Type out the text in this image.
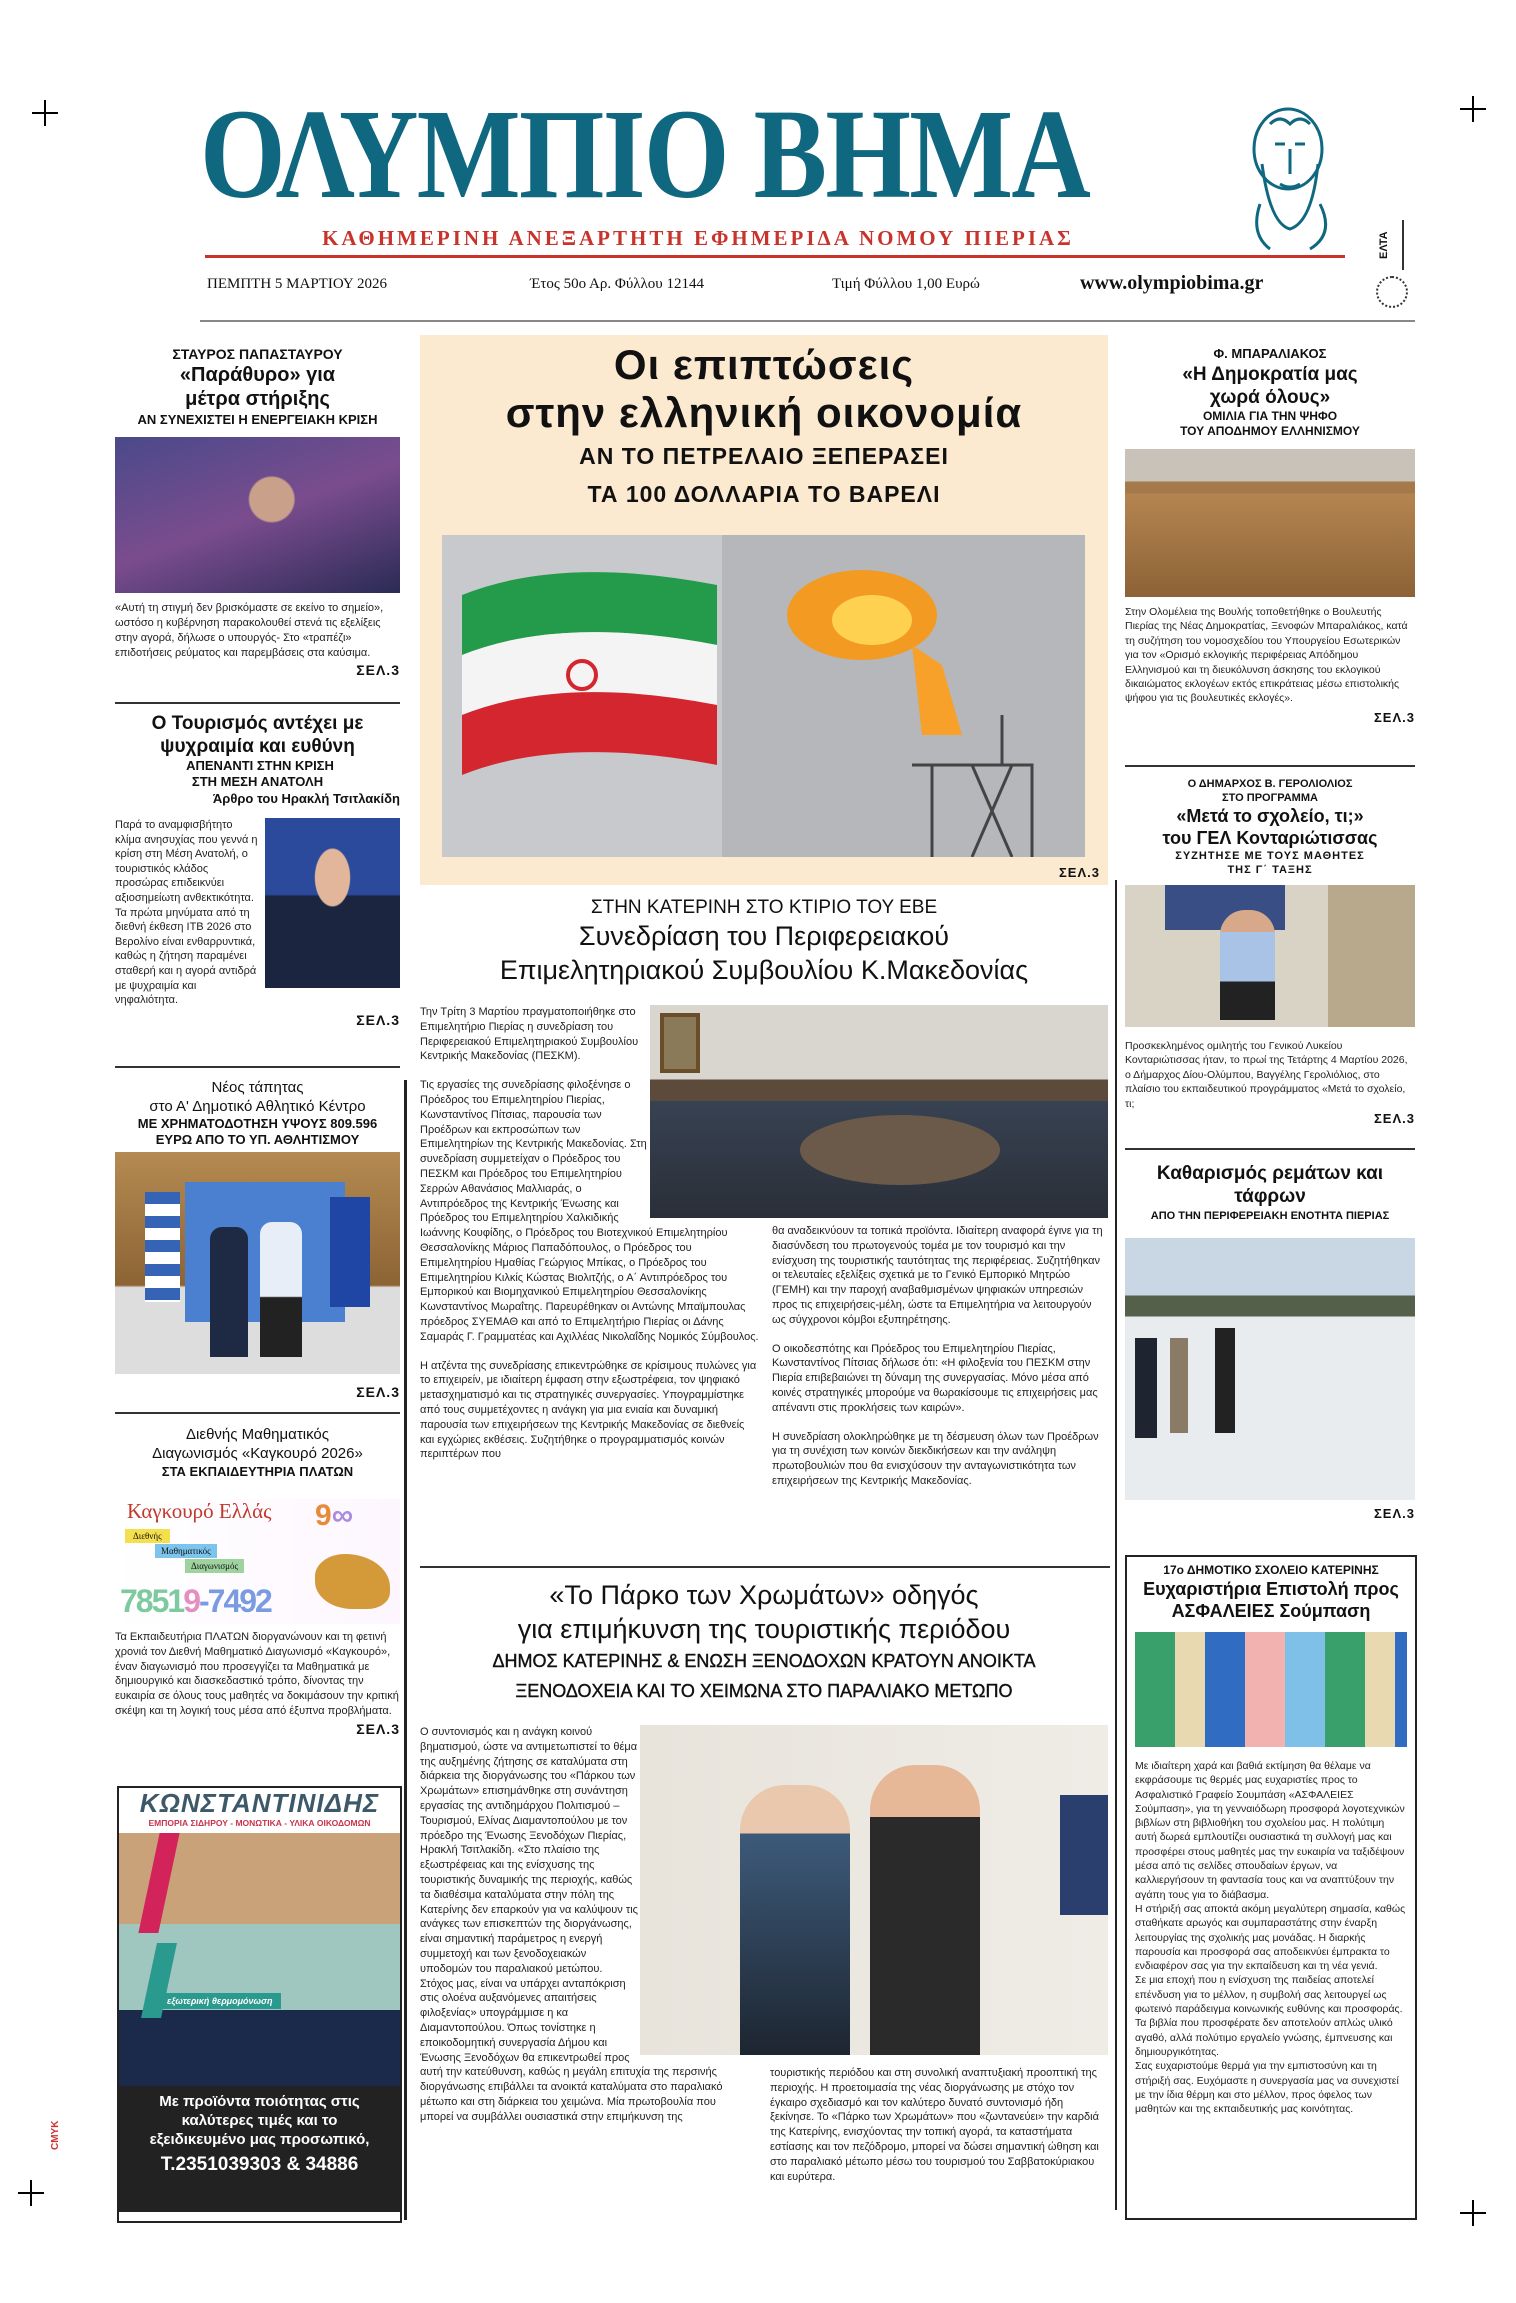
CMYK
ΟΛΥΜΠΙΟ ΒΗΜΑ
ΚΑΘΗΜΕΡΙΝΗ ΑΝΕΞΑΡΤΗΤΗ ΕΦΗΜΕΡΙΔΑ ΝΟΜΟΥ ΠΙΕΡΙΑΣ	ΕΛΤΑ
ΠΕΜΠΤΗ 5 ΜΑΡΤΙΟΥ 2026	Έτος 50ο Αρ. Φύλλου 12144	Τιμή Φύλλου 1,00 Ευρώ	www.olympiobima.gr
ΣΤΑΥΡΟΣ ΠΑΠΑΣΤΑΥΡΟΥ
«Παράθυρο» για μέτρα στήριξης
ΑΝ ΣΥΝΕΧΙΣΤΕΙ Η ΕΝΕΡΓΕΙΑΚΗ ΚΡΙΣΗ
«Αυτή τη στιγμή δεν βρισκόμαστε σε εκείνο το σημείο», ωστόσο η κυβέρνηση παρακολουθεί στενά τις εξελίξεις στην αγορά, δήλωσε ο υπουργός- Στο «τραπέζι» επιδοτήσεις ρεύματος και παρεμβάσεις στα καύσιμα.
ΣΕΛ.3
Ο Τουρισμός αντέχει με ψυχραιμία και ευθύνη
ΑΠΕΝΑΝΤΙ ΣΤΗΝ ΚΡΙΣΗ
ΣΤΗ ΜΕΣΗ ΑΝΑΤΟΛΗ
Άρθρο του Ηρακλή Τσιτλακίδη
Παρά το αναμφισβήτητο κλίμα ανησυχίας που γεννά η κρίση στη Μέση Ανατολή, ο τουριστικός κλάδος προσώρας επιδεικνύει αξιοσημείωτη ανθεκτικότητα. Τα πρώτα μηνύματα από τη διεθνή έκθεση ITB 2026 στο Βερολίνο είναι ενθαρρυντικά, καθώς η ζήτηση παραμένει σταθερή και η αγορά αντιδρά με ψυχραιμία και νηφαλιότητα.
ΣΕΛ.3
Νέος τάπητας
στο Α' Δημοτικό Αθλητικό Κέντρο
ΜΕ ΧΡΗΜΑΤΟΔΟΤΗΣΗ ΥΨΟΥΣ 809.596
ΕΥΡΩ ΑΠΟ ΤΟ ΥΠ. ΑΘΛΗΤΙΣΜΟΥ
ΣΕΛ.3
Διεθνής Μαθηματικός
Διαγωνισμός «Καγκουρό 2026»
ΣΤΑ ΕΚΠΑΙΔΕΥΤΗΡΙΑ ΠΛΑΤΩΝ
Καγκουρό Ελλάς
Διεθνής
Μαθηματικός
Διαγωνισμός
78519-7492
9∞
Τα Εκπαιδευτήρια ΠΛΑΤΩΝ διοργανώνουν και τη φετινή χρονιά τον Διεθνή Μαθηματικό Διαγωνισμό «Καγκουρό», έναν διαγωνισμό που προσεγγίζει τα Μαθηματικά με δημιουργικό και διασκεδαστικό τρόπο, δίνοντας την ευκαιρία σε όλους τους μαθητές να δοκιμάσουν την κριτική σκέψη και τη λογική τους μέσα από έξυπνα προβλήματα.
ΣΕΛ.3
ΚΩΝΣΤΑΝΤΙΝΙΔΗΣ
ΕΜΠΟΡΙΑ ΣΙΔΗΡΟΥ - ΜΟΝΩΤΙΚΑ - ΥΛΙΚΑ ΟΙΚΟΔΟΜΩΝ
εξωτερική θερμομόνωση
Με προϊόντα ποιότητας στις καλύτερες τιμές και το εξειδικευμένο μας προσωπικό,
Τ.2351039303 & 34886
Οι επιπτώσεις
στην ελληνική οικονομία
ΑΝ ΤΟ ΠΕΤΡΕΛΑΙΟ ΞΕΠΕΡΑΣΕΙ
ΤΑ 100 ΔΟΛΛΑΡΙΑ ΤΟ ΒΑΡΕΛΙ
ΣΕΛ.3
ΣΤΗΝ ΚΑΤΕΡΙΝΗ ΣΤΟ ΚΤΙΡΙΟ ΤΟΥ ΕΒΕ
Συνεδρίαση του Περιφερειακού
Επιμελητηριακού Συμβουλίου Κ.Μακεδονίας

Την Τρίτη 3 Μαρτίου πραγματοποιήθηκε στο Επιμελητήριο Πιερίας η συνεδρίαση του Περιφερειακού Επιμελητηριακού Συμβουλίου Κεντρικής Μακεδονίας (ΠΕΣΚΜ).

Τις εργασίες της συνεδρίασης φιλοξένησε ο Πρόεδρος του Επιμελητηρίου Πιερίας, Κωνσταντίνος Πίτσιας, παρουσία των Προέδρων και εκπροσώπων των Επιμελητηρίων της Κεντρικής Μακεδονίας. Στη συνεδρίαση συμμετείχαν ο Πρόεδρος του ΠΕΣΚΜ και Πρόεδρος του Επιμελητηρίου Σερρών Αθανάσιος Μαλλιαράς, ο Αντιπρόεδρος της Κεντρικής Ένωσης και Πρόεδρος του Επιμελητηρίου Χαλκιδικής Ιωάννης Κουφίδης, ο Πρόεδρος του Βιοτεχνικού Επιμελητηρίου Θεσσαλονίκης Μάριος Παπαδόπουλος, ο Πρόεδρος του Επιμελητηρίου Ημαθίας Γεώργιος Μπίκας, ο Πρόεδρος του Επιμελητηρίου Κιλκίς Κώστας Βιολιτζής, ο Α΄ Αντιπρόεδρος του Εμπορικού και Βιομηχανικού Επιμελητηρίου Θεσσαλονίκης Κωνσταντίνος Μωραΐτης. Παρευρέθηκαν οι Αντώνης Μπαϊμπουλας πρόεδρος ΣΥΕΜΑΘ και από το Επιμελητήριο Πιερίας οι Δάνης Σαμαράς Γ. Γραμματέας και Αχιλλέας Νικολαΐδης Νομικός Σύμβουλος.

Η ατζέντα της συνεδρίασης επικεντρώθηκε σε κρίσιμους πυλώνες για το επιχειρείν, με ιδιαίτερη έμφαση στην εξωστρέφεια, τον ψηφιακό μετασχηματισμό και τις στρατηγικές συνεργασίες. Υπογραμμίστηκε από τους συμμετέχοντες η ανάγκη για μια ενιαία και δυναμική παρουσία των επιχειρήσεων της Κεντρικής Μακεδονίας σε διεθνείς και εγχώριες εκθέσεις. Συζητήθηκε ο προγραμματισμός κοινών περιπτέρων που

θα αναδεικνύουν τα τοπικά προϊόντα. Ιδιαίτερη αναφορά έγινε για τη διασύνδεση του πρωτογενούς τομέα με τον τουρισμό και την ενίσχυση της τουριστικής ταυτότητας της περιφέρειας. Συζητήθηκαν οι τελευταίες εξελίξεις σχετικά με το Γενικό Εμπορικό Μητρώο (ΓΕΜΗ) και την παροχή αναβαθμισμένων ψηφιακών υπηρεσιών προς τις επιχειρήσεις-μέλη, ώστε τα Επιμελητήρια να λειτουργούν ως σύγχρονοι κόμβοι εξυπηρέτησης.

Ο οικοδεσπότης και Πρόεδρος του Επιμελητηρίου Πιερίας, Κωνσταντίνος Πίτσιας δήλωσε ότι: «Η φιλοξενία του ΠΕΣΚΜ στην Πιερία επιβεβαιώνει τη δύναμη της συνεργασίας. Μόνο μέσα από κοινές στρατηγικές μπορούμε να θωρακίσουμε τις επιχειρήσεις μας απέναντι στις προκλήσεις των καιρών».

Η συνεδρίαση ολοκληρώθηκε με τη δέσμευση όλων των Προέδρων για τη συνέχιση των κοινών διεκδικήσεων και την ανάληψη πρωτοβουλιών που θα ενισχύσουν την ανταγωνιστικότητα των επιχειρήσεων της Κεντρικής Μακεδονίας.

«Το Πάρκο των Χρωμάτων» οδηγός
για επιμήκυνση της τουριστικής περιόδου
ΔΗΜΟΣ ΚΑΤΕΡΙΝΗΣ & ΕΝΩΣΗ ΞΕΝΟΔΟΧΩΝ ΚΡΑΤΟΥΝ ΑΝΟΙΚΤΑ
ΞΕΝΟΔΟΧΕΙΑ ΚΑΙ ΤΟ ΧΕΙΜΩΝΑ ΣΤΟ ΠΑΡΑΛΙΑΚΟ ΜΕΤΩΠΟ

Ο συντονισμός και η ανάγκη κοινού βηματισμού, ώστε να αντιμετωπιστεί το θέμα της αυξημένης ζήτησης σε καταλύματα στη διάρκεια της διοργάνωσης του «Πάρκου των Χρωμάτων» επισημάνθηκε στη συνάντηση εργασίας της αντιδημάρχου Πολιτισμού – Τουρισμού, Ελίνας Διαμαντοπούλου με τον πρόεδρο της Ένωσης Ξενοδόχων Πιερίας, Ηρακλή Τσιτλακίδη. «Στο πλαίσιο της εξωστρέφειας και της ενίσχυσης της τουριστικής δυναμικής της περιοχής, καθώς τα διαθέσιμα καταλύματα στην πόλη της Κατερίνης δεν επαρκούν για να καλύψουν τις ανάγκες των επισκεπτών της διοργάνωσης, είναι σημαντική παράμετρος η ενεργή συμμετοχή και των ξενοδοχειακών υποδομών του παραλιακού μετώπου. Στόχος μας, είναι να υπάρχει ανταπόκριση στις ολοένα αυξανόμενες απαιτήσεις φιλοξενίας» υπογράμμισε η κα Διαμαντοπούλου. Όπως τονίστηκε η εποικοδομητική συνεργασία Δήμου και Ένωσης Ξενοδόχων θα επικεντρωθεί προς αυτή την κατεύθυνση, καθώς η μεγάλη επιτυχία της περσινής διοργάνωσης επιβάλλει τα ανοικτά καταλύματα στο παραλιακό μέτωπο και στη διάρκεια του χειμώνα. Μία πρωτοβουλία που μπορεί να συμβάλλει ουσιαστικά στην επιμήκυνση της

τουριστικής περιόδου και στη συνολική αναπτυξιακή προοπτική της περιοχής. Η προετοιμασία της νέας διοργάνωσης με στόχο τον έγκαιρο σχεδιασμό και τον καλύτερο δυνατό συντονισμό ήδη ξεκίνησε. Το «Πάρκο των Χρωμάτων» που «ζωντανεύει» την καρδιά της Κατερίνης, ενισχύοντας την τοπική αγορά, τα καταστήματα εστίασης και τον πεζόδρομο, μπορεί να δώσει σημαντική ώθηση και στο παραλιακό μέτωπο μέσω του τουρισμού του Σαββατοκύριακου και ευρύτερα.

Φ. ΜΠΑΡΑΛΙΑΚΟΣ
«Η Δημοκρατία μας χωρά όλους»
ΟΜΙΛΙΑ ΓΙΑ ΤΗΝ ΨΗΦΟ
ΤΟΥ ΑΠΟΔΗΜΟΥ ΕΛΛΗΝΙΣΜΟΥ
Στην Ολομέλεια της Βουλής τοποθετήθηκε ο Βουλευτής Πιερίας της Νέας Δημοκρατίας, Ξενοφών Μπαραλιάκος, κατά τη συζήτηση του νομοσχεδίου του Υπουργείου Εσωτερικών για τον «Ορισμό εκλογικής περιφέρειας Απόδημου Ελληνισμού και τη διευκόλυνση άσκησης του εκλογικού δικαιώματος εκλογέων εκτός επικράτειας μέσω επιστολικής ψήφου για τις βουλευτικές εκλογές».
ΣΕΛ.3
Ο ΔΗΜΑΡΧΟΣ Β. ΓΕΡΟΛΙΟΛΙΟΣ
ΣΤΟ ΠΡΟΓΡΑΜΜΑ
«Μετά το σχολείο, τι;»
του ΓΕΛ Κονταριώτισσας
ΣΥΖΗΤΗΣΕ ΜΕ ΤΟΥΣ ΜΑΘΗΤΕΣ
ΤΗΣ Γ΄ ΤΑΞΗΣ
Προσκεκλημένος ομιλητής του Γενικού Λυκείου Κονταριώτισσας ήταν, το πρωί της Τετάρτης 4 Μαρτίου 2026, ο Δήμαρχος Δίου-Ολύμπου, Βαγγέλης Γερολιόλιος, στο πλαίσιο του εκπαιδευτικού προγράμματος «Μετά το σχολείο, τι;
ΣΕΛ.3
Καθαρισμός ρεμάτων και τάφρων
ΑΠΟ ΤΗΝ ΠΕΡΙΦΕΡΕΙΑΚΗ ΕΝΟΤΗΤΑ ΠΙΕΡΙΑΣ
ΣΕΛ.3
17ο ΔΗΜΟΤΙΚΟ ΣΧΟΛΕΙΟ ΚΑΤΕΡΙΝΗΣ
Ευχαριστήρια Επιστολή προς ΑΣΦΑΛΕΙΕΣ Σούμπαση

Με ιδιαίτερη χαρά και βαθιά εκτίμηση θα θέλαμε να εκφράσουμε τις θερμές μας ευχαριστίες προς το Ασφαλιστικό Γραφείο Σουμπάση «ΑΣΦΑΛΕΙΕΣ Σούμπαση», για τη γενναιόδωρη προσφορά λογοτεχνικών βιβλίων στη βιβλιοθήκη του σχολείου μας. Η πολύτιμη αυτή δωρεά εμπλουτίζει ουσιαστικά τη συλλογή μας και προσφέρει στους μαθητές μας την ευκαιρία να ταξιδέψουν μέσα από τις σελίδες σπουδαίων έργων, να καλλιεργήσουν τη φαντασία τους και να αναπτύξουν την αγάπη τους για το διάβασμα.

Η στήριξή σας αποκτά ακόμη μεγαλύτερη σημασία, καθώς σταθήκατε αρωγός και συμπαραστάτης στην έναρξη λειτουργίας της σχολικής μας μονάδας. Η διαρκής παρουσία και προσφορά σας αποδεικνύει έμπρακτα το ενδιαφέρον σας για την εκπαίδευση και τη νέα γενιά.

Σε μια εποχή που η ενίσχυση της παιδείας αποτελεί επένδυση για το μέλλον, η συμβολή σας λειτουργεί ως φωτεινό παράδειγμα κοινωνικής ευθύνης και προσφοράς. Τα βιβλία που προσφέρατε δεν αποτελούν απλώς υλικό αγαθό, αλλά πολύτιμο εργαλείο γνώσης, έμπνευσης και δημιουργικότητας.

Σας ευχαριστούμε θερμά για την εμπιστοσύνη και τη στήριξή σας. Ευχόμαστε η συνεργασία μας να συνεχιστεί με την ίδια θέρμη και στο μέλλον, προς όφελος των μαθητών και της εκπαιδευτικής μας κοινότητας.
